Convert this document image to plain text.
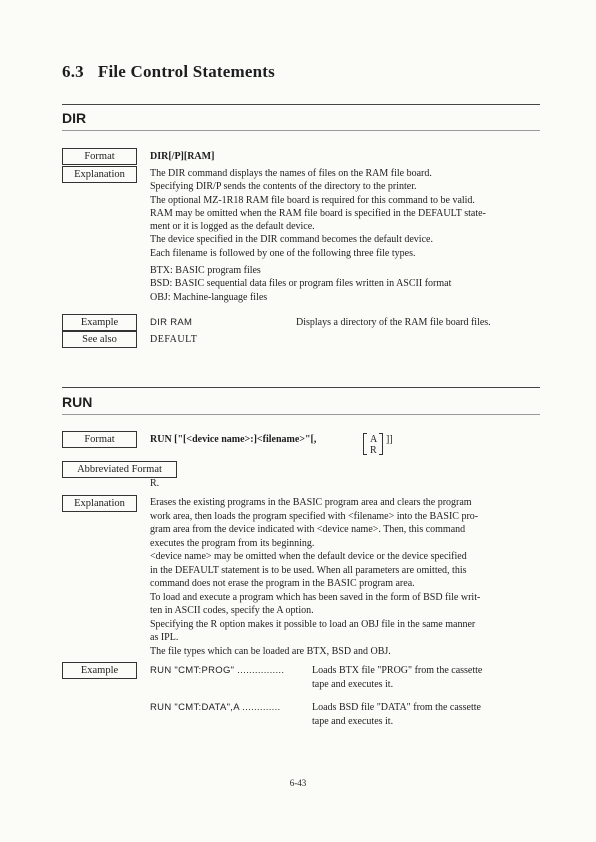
6.3 File Control Statements
DIR
Format	DIR[/P][RAM]
Explanation	The DIR command displays the names of files on the RAM file board.

Specifying DIR/P sends the contents of the directory to the printer.

The optional MZ-1R18 RAM file board is required for this command to be valid.

RAM may be omitted when the RAM file board is specified in the DEFAULT state-

ment or it is logged as the default device.

The device specified in the DIR command becomes the default device.

Each filename is followed by one of the following three file types.

BTX: BASIC program files

BSD: BASIC sequential data files or program files written in ASCII format

OBJ: Machine-language files

Example	DIR RAM	Displays a directory of the RAM file board files.
See also	DEFAULT
RUN
Format	RUN ["[<device name>:]<filename>"[,	A
R
]]
Abbreviated Format
R.
Explanation	Erases the existing programs in the BASIC program area and clears the program

work area, then loads the program specified with <filename> into the BASIC pro-

gram area from the device indicated with <device name>. Then, this command

executes the program from its beginning.

<device name> may be omitted when the default device or the device specified

in the DEFAULT statement is to be used. When all parameters are omitted, this

command does not erase the program in the BASIC program area.

To load and execute a program which has been saved in the form of BSD file writ-

ten in ASCII codes, specify the A option.

Specifying the R option makes it possible to load an OBJ file in the same manner

as IPL.

The file types which can be loaded are BTX, BSD and OBJ.

Example	RUN "CMT:PROG" ................	Loads BTX file "PROG" from the cassette
tape and executes it.
RUN "CMT:DATA",A .............	Loads BSD file "DATA" from the cassette
tape and executes it.
6-43
